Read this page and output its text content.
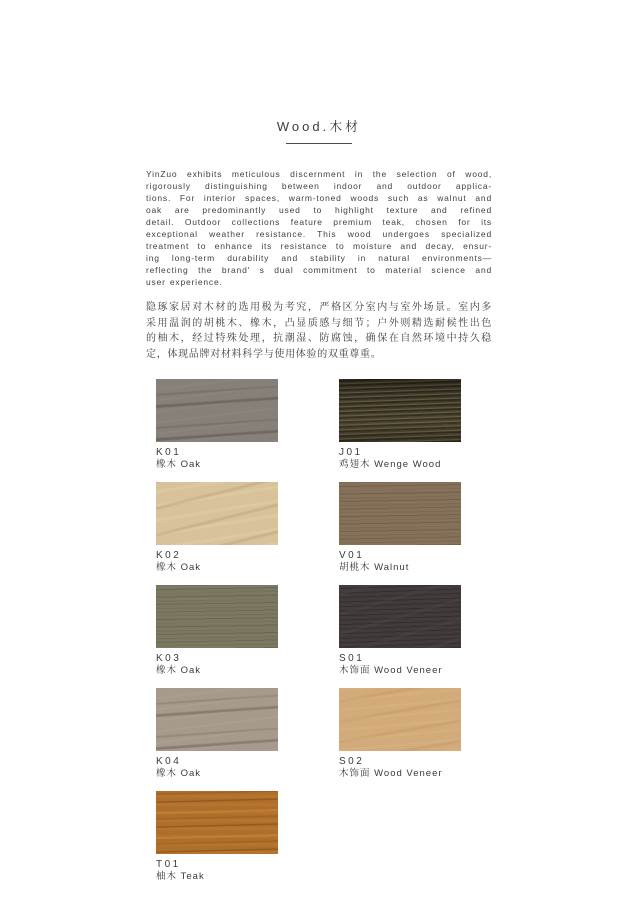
Wood.木材
YinZuo exhibits meticulous discernment in the selection of wood,
rigorously distinguishing between indoor and outdoor applica-
tions. For interior spaces, warm-toned woods such as walnut and
oak are predominantly used to highlight texture and refined
detail. Outdoor collections feature premium teak, chosen for its
exceptional weather resistance. This wood undergoes specialized
treatment to enhance its resistance to moisture and decay, ensur-
ing long-term durability and stability in natural environments—
reflecting the brand' s dual commitment to material science and
user experience.
隐琢家居对木材的选用极为考究，严格区分室内与室外场景。室内多
采用温润的胡桃木、橡木，凸显质感与细节；户外则精选耐候性出色
的柚木，经过特殊处理，抗潮湿、防腐蚀，确保在自然环境中持久稳
定，体现品牌对材料科学与使用体验的双重尊重。
K01
橡木 Oak
J01
鸡翅木 Wenge Wood
K02
橡木 Oak
V01
胡桃木 Walnut
K03
橡木 Oak
S01
木饰面 Wood Veneer
K04
橡木 Oak
S02
木饰面 Wood Veneer
T01
柚木 Teak
